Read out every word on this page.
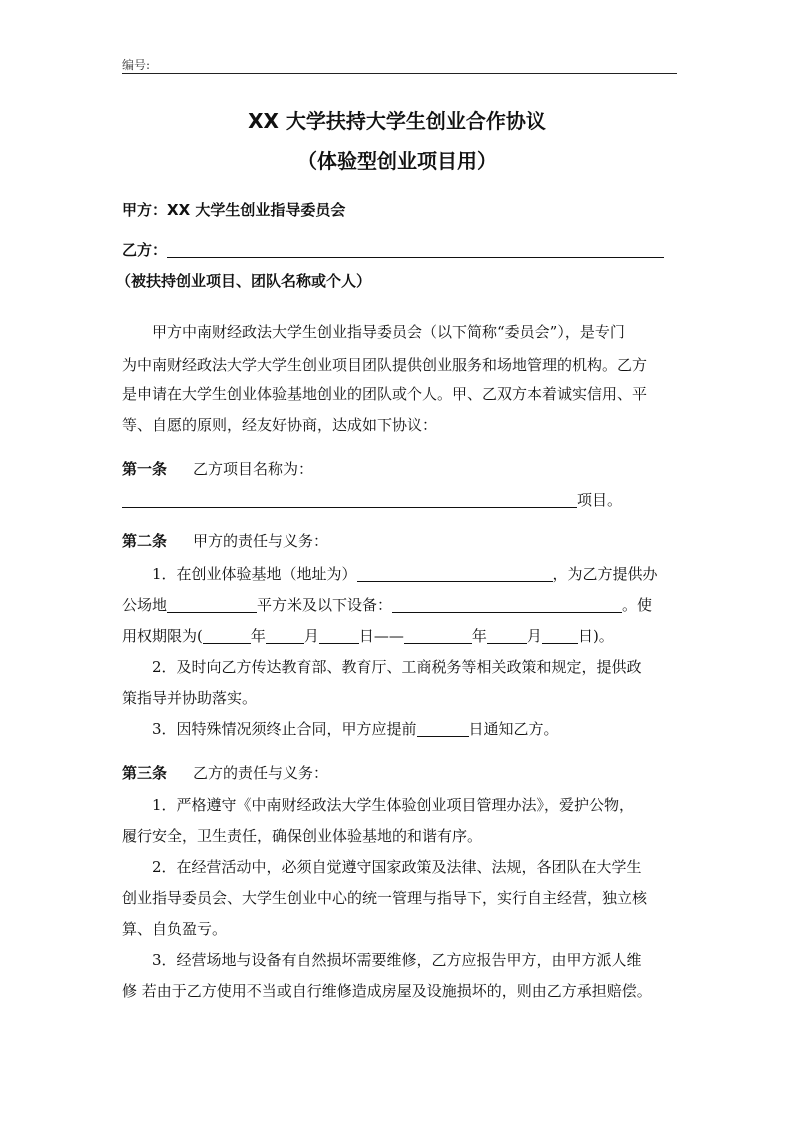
编号:
XX 大学扶持大学生创业合作协议
（体验型创业项目用）
甲方：XX 大学生创业指导委员会
乙方：
（被扶持创业项目、团队名称或个人）
甲方中南财经政法大学生创业指导委员会（以下简称“委员会”），是专门
为中南财经政法大学大学生创业项目团队提供创业服务和场地管理的机构。乙方
是申请在大学生创业体验基地创业的团队或个人。甲、乙双方本着诚实信用、平
等、自愿的原则，经友好协商，达成如下协议：
第一条 乙方项目名称为：
项目。
第二条 甲方的责任与义务：
1．在创业体验基地（地址为）	，为乙方提供办
公场地	平方米及以下设备：	。使
用权期限为(	年	月	日——	年	月 日)。
2．及时向乙方传达教育部、教育厅、工商税务等相关政策和规定，提供政
策指导并协助落实。
3．因特殊情况须终止合同，甲方应提前	日通知乙方。
第三条 乙方的责任与义务：
1．严格遵守《中南财经政法大学生体验创业项目管理办法》，爱护公物，
履行安全，卫生责任，确保创业体验基地的和谐有序。
2．在经营活动中，必须自觉遵守国家政策及法律、法规，各团队在大学生
创业指导委员会、大学生创业中心的统一管理与指导下，实行自主经营，独立核
算、自负盈亏。
3．经营场地与设备有自然损坏需要维修，乙方应报告甲方，由甲方派人维
修 若由于乙方使用不当或自行维修造成房屋及设施损坏的，则由乙方承担赔偿。
